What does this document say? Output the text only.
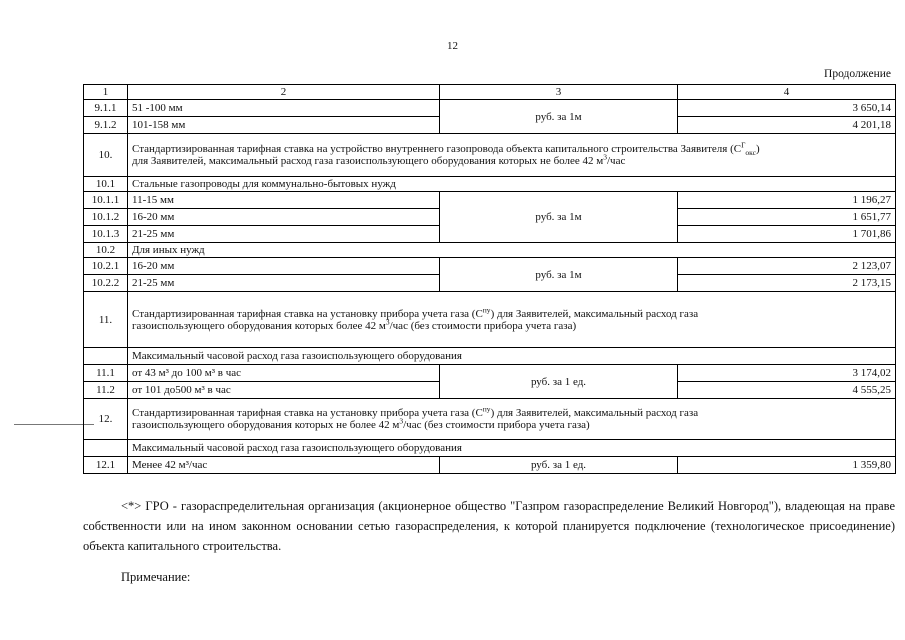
12
Продолжение
1	2	3	4
9.1.1	51 -100 мм	руб. за 1м	3 650,14
9.1.2	101-158 мм		4 201,18
10.	Стандартизированная тарифная ставка на устройство внутреннего газопровода объекта капитального строительства Заявителя $(С^Г_{окс})$
для Заявителей, максимальный расход газа газоиспользующего оборудования которых не более 42 $м^3$/час		
10.1	Стальные газопроводы для коммунально-бытовых нужд		
10.1.1	11-15 мм	руб. за 1м	1 196,27
10.1.2	16-20 мм		1 651,77
10.1.3	21-25 мм		1 701,86
10.2	Для иных нужд		
10.2.1	16-20 мм	руб. за 1м	2 123,07
10.2.2	21-25 мм		2 173,15
11.	Стандартизированная тарифная ставка на установку прибора учета газа $(С^{пу})$ для Заявителей, максимальный расход газа
газоиспользующего оборудования которых более 42 $м^3$/час (без стоимости прибора учета газа)		
	Максимальный часовой расход газа газоиспользующего оборудования		
11.1	от 43 м³ до 100 м³ в час	руб. за 1 ед.	3 174,02
11.2	от 101 до500 м³ в час		4 555,25
12.	Стандартизированная тарифная ставка на установку прибора учета газа $(С^{пу})$ для Заявителей, максимальный расход газа
газоиспользующего оборудования которых не более 42 $м^3$/час (без стоимости прибора учета газа)		
	Максимальный часовой расход газа газоиспользующего оборудования		
12.1	Менее 42 м³/час	руб. за 1 ед.	1 359,80
<*> ГРО - газораспределительная организация (акционерное общество "Газпром газораспределение Великий Новгород"), владеющая на праве собственности или на ином законном основании сетью газораспределения, к которой планируется подключение (технологическое присоединение) объекта капитального строительства.
Примечание:
